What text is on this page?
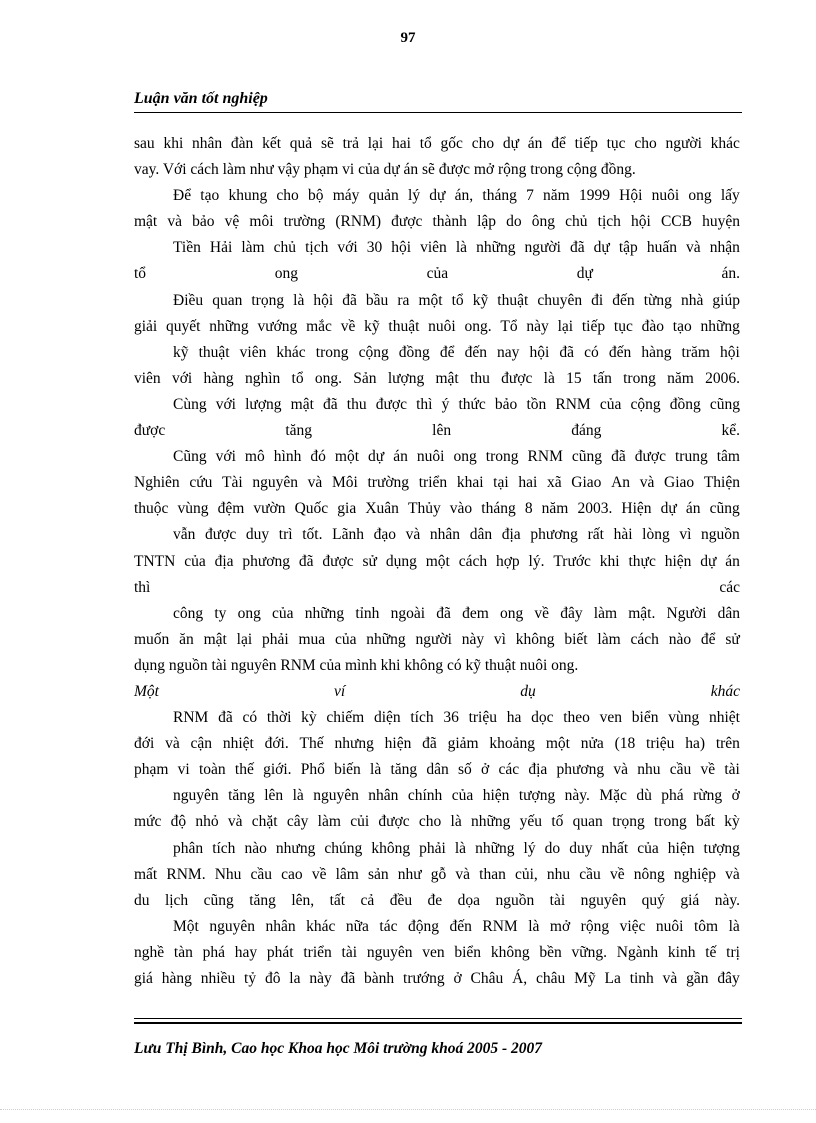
97
Luận văn tốt nghiệp
sau khi nhân đàn kết quả sẽ trả lại hai tổ gốc cho dự án để tiếp tục cho người khác
vay. Với cách làm như vậy phạm vi của dự án sẽ được mở rộng trong cộng đồng.
Để tạo khung cho bộ máy quản lý dự án, tháng 7 năm 1999 Hội nuôi ong lấy
mật và bảo vệ môi trường (RNM) được thành lập do ông chủ tịch hội CCB huyện
Tiền Hải làm chủ tịch với 30 hội viên là những người đã dự tập huấn và nhận
tổ	ong	của	dự	án.
Điều quan trọng là hội đã bầu ra một tổ kỹ thuật chuyên đi đến từng nhà giúp
giải quyết những vướng mắc về kỹ thuật nuôi ong. Tổ này lại tiếp tục đào tạo những
kỹ thuật viên khác trong cộng đồng để đến nay hội đã có đến hàng trăm hội
viên với hàng nghìn tổ ong. Sản lượng mật thu được là 15 tấn trong năm 2006.
Cùng với lượng mật đã thu được thì ý thức bảo tồn RNM của cộng đồng cũng
được	tăng	lên	đáng	kể.
Cũng với mô hình đó một dự án nuôi ong trong RNM cũng đã được trung tâm
Nghiên cứu Tài nguyên và Môi trường triển khai tại hai xã Giao An và Giao Thiện
thuộc vùng đệm vườn Quốc gia Xuân Thủy vào tháng 8 năm 2003. Hiện dự án cũng
vẫn được duy trì tốt. Lãnh đạo và nhân dân địa phương rất hài lòng vì nguồn
TNTN của địa phương đã được sử dụng một cách hợp lý. Trước khi thực hiện dự án
thì	các
công ty ong của những tỉnh ngoài đã đem ong về đây làm mật. Người dân
muốn ăn mật lại phải mua của những người này vì không biết làm cách nào để sử
dụng nguồn tài nguyên RNM của mình khi không có kỹ thuật nuôi ong.
Một	ví	dụ	khác
RNM đã có thời kỳ chiếm diện tích 36 triệu ha dọc theo ven biển vùng nhiệt
đới và cận nhiệt đới. Thế nhưng hiện đã giảm khoảng một nửa (18 triệu ha) trên
phạm vi toàn thế giới. Phổ biến là tăng dân số ở các địa phương và nhu cầu về tài
nguyên tăng lên là nguyên nhân chính của hiện tượng này. Mặc dù phá rừng ở
mức độ nhỏ và chặt cây làm củi được cho là những yếu tố quan trọng trong bất kỳ
phân tích nào nhưng chúng không phải là những lý do duy nhất của hiện tượng
mất RNM. Nhu cầu cao về lâm sản như gỗ và than củi, nhu cầu về nông nghiệp và
du lịch cũng tăng lên, tất cả đều đe dọa nguồn tài nguyên quý giá này.
Một nguyên nhân khác nữa tác động đến RNM là mở rộng việc nuôi tôm là
nghề tàn phá hay phát triển tài nguyên ven biển không bền vững. Ngành kinh tế trị
giá hàng nhiều tỷ đô la này đã bành trướng ở Châu Á, châu Mỹ La tinh và gần đây
Lưu Thị Bình, Cao học Khoa học Môi trường khoá 2005 - 2007
